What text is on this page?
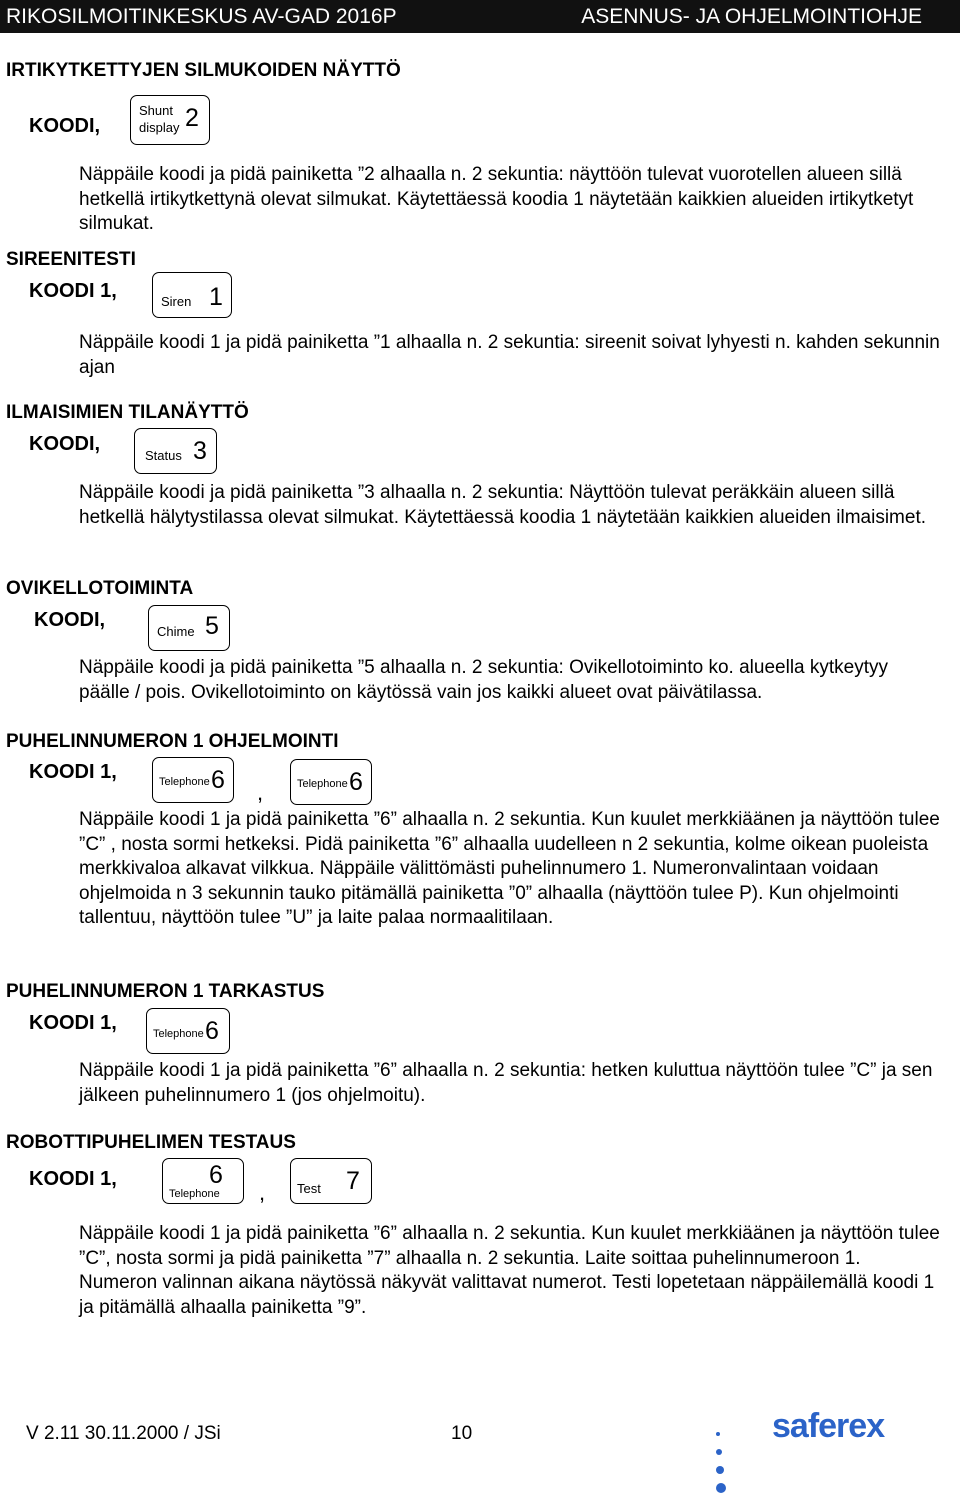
RIKOSILMOITINKESKUS AV-GAD 2016P	ASENNUS- JA OHJELMOINTIOHJE
IRTIKYTKETTYJEN SILMUKOIDEN NÄYTTÖ
KOODI,
Shunt
display 2

Näppäile koodi ja pidä painiketta ”2 alhaalla n. 2 sekuntia: näyttöön tulevat vuorotellen alueen sillä hetkellä irtikytkettynä olevat silmukat. Käytettäessä koodia 1 näytetään kaikkien alueiden irtikytketyt silmukat.

SIREENITESTI
KOODI 1,	Siren 1

Näppäile koodi 1 ja pidä painiketta ”1 alhaalla n. 2 sekuntia: sireenit soivat lyhyesti n. kahden sekunnin ajan

ILMAISIMIEN TILANÄYTTÖ
KOODI,
Status 3

Näppäile koodi ja pidä painiketta ”3 alhaalla n. 2 sekuntia: Näyttöön tulevat peräkkäin alueen sillä hetkellä hälytystilassa olevat silmukat. Käytettäessä koodia 1 näytetään kaikkien alueiden ilmaisimet.

OVIKELLOTOIMINTA
KOODI,
Chime 5

Näppäile koodi ja pidä painiketta ”5 alhaalla n. 2 sekuntia: Ovikellotoiminto ko. alueella kytkeytyy päälle / pois. Ovikellotoiminto on käytössä vain jos kaikki alueet ovat päivätilassa.

PUHELINNUMERON 1 OHJELMOINTI
KOODI 1,	Telephone 6 ,	Telephone 6

Näppäile koodi 1 ja pidä painiketta ”6” alhaalla n. 2 sekuntia. Kun kuulet merkkiäänen ja näyttöön tulee ”C” , nosta sormi hetkeksi. Pidä painiketta ”6” alhaalla uudelleen n 2 sekuntia, kolme oikean puoleista merkkivaloa alkavat vilkkua. Näppäile välittömästi puhelinnumero 1. Numeronvalintaan voidaan ohjelmoida n 3 sekunnin tauko pitämällä painiketta ”0” alhaalla (näyttöön tulee P). Kun ohjelmointi tallentuu, näyttöön tulee ”U” ja laite palaa normaalitilaan.

PUHELINNUMERON 1 TARKASTUS
KOODI 1,	Telephone 6

Näppäile koodi 1 ja pidä painiketta ”6” alhaalla n. 2 sekuntia: hetken kuluttua näyttöön tulee ”C” ja sen jälkeen puhelinnumero 1 (jos ohjelmoitu).

ROBOTTIPUHELIMEN TESTAUS
KOODI 1,	6
Telephone , Test 7

Näppäile koodi 1 ja pidä painiketta ”6” alhaalla n. 2 sekuntia. Kun kuulet merkkiäänen ja näyttöön tulee ”C”, nosta sormi ja pidä painiketta ”7” alhaalla n. 2 sekuntia. Laite soittaa puhelinnumeroon 1. Numeron valinnan aikana näytössä näkyvät valittavat numerot. Testi lopetetaan näppäilemällä koodi 1 ja pitämällä alhaalla painiketta ”9”.

V 2.11 30.11.2000 / JSi	10	saferex
